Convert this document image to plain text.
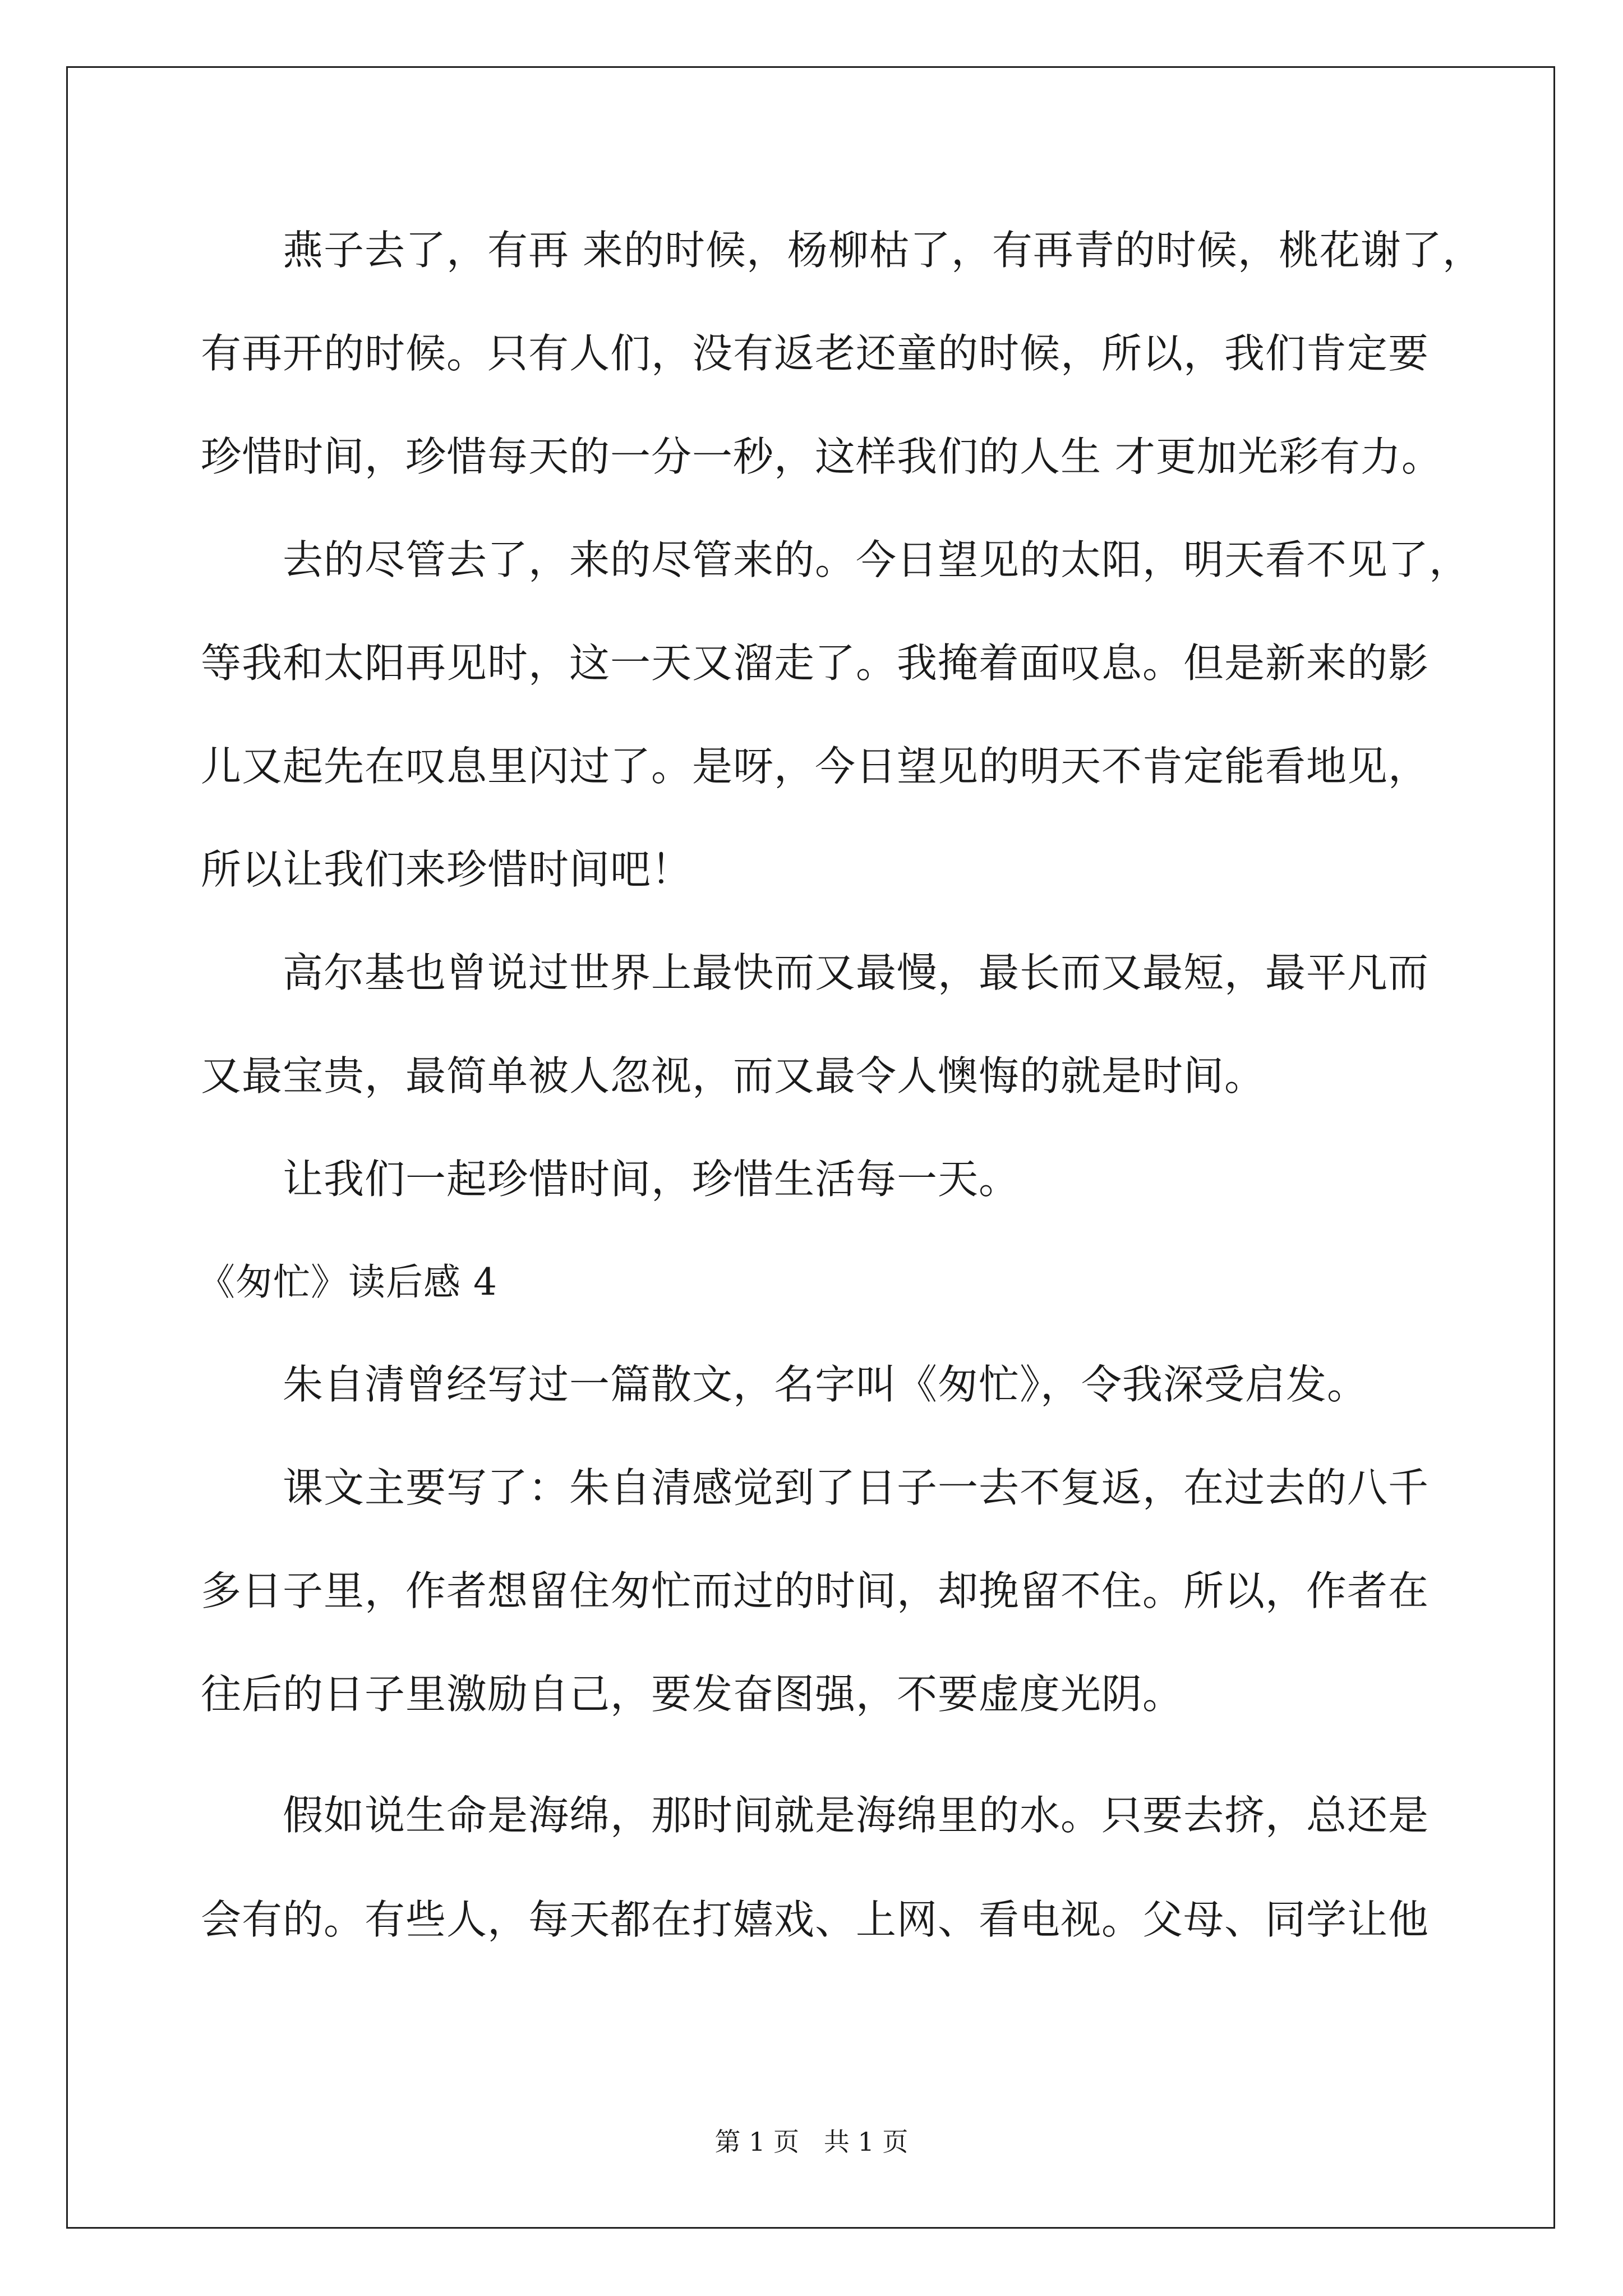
燕子去了，有再 来的时候，杨柳枯了，有再青的时候，桃花谢了，
有再开的时候。只有人们，没有返老还童的时候，所以，我们肯定要
珍惜时间，珍惜每天的一分一秒，这样我们的人生 才更加光彩有力。
去的尽管去了，来的尽管来的。今日望见的太阳，明天看不见了，
等我和太阳再见时，这一天又溜走了。我掩着面叹息。但是新来的影
儿又起先在叹息里闪过了。是呀，今日望见的明天不肯定能看地见，
所以让我们来珍惜时间吧！
高尔基也曾说过世界上最快而又最慢，最长而又最短，最平凡而
又最宝贵，最简单被人忽视，而又最令人懊悔的就是时间。
让我们一起珍惜时间，珍惜生活每一天。
《匆忙》读后感 4
朱自清曾经写过一篇散文，名字叫《匆忙》，令我深受启发。
课文主要写了：朱自清感觉到了日子一去不复返，在过去的八千
多日子里，作者想留住匆忙而过的时间，却挽留不住。所以，作者在
往后的日子里激励自己，要发奋图强，不要虚度光阴。
假如说生命是海绵，那时间就是海绵里的水。只要去挤，总还是
会有的。有些人，每天都在打嬉戏、上网、看电视。父母、同学让他
第 1 页   共 1 页
